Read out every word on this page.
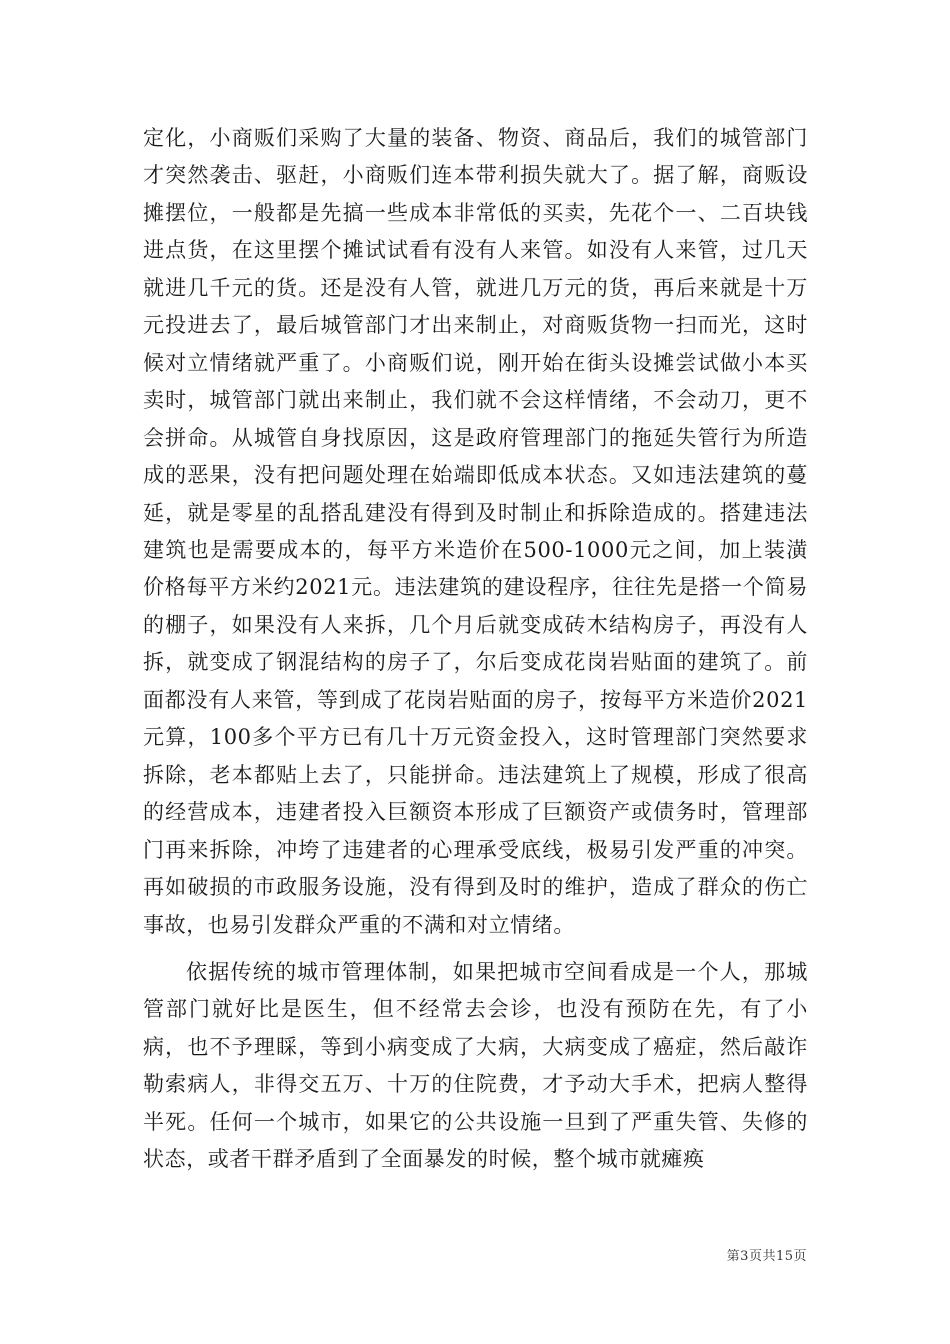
定化，小商贩们采购了大量的装备、物资、商品后，我们的城管部门才突然袭击、驱赶，小商贩们连本带利损失就大了。据了解，商贩设摊摆位，一般都是先搞一些成本非常低的买卖，先花个一、二百块钱进点货，在这里摆个摊试试看有没有人来管。如没有人来管，过几天就进几千元的货。还是没有人管，就进几万元的货，再后来就是十万元投进去了，最后城管部门才出来制止，对商贩货物一扫而光，这时候对立情绪就严重了。小商贩们说，刚开始在街头设摊尝试做小本买卖时，城管部门就出来制止，我们就不会这样情绪，不会动刀，更不会拼命。从城管自身找原因，这是政府管理部门的拖延失管行为所造成的恶果，没有把问题处理在始端即低成本状态。又如违法建筑的蔓延，就是零星的乱搭乱建没有得到及时制止和拆除造成的。搭建违法建筑也是需要成本的，每平方米造价在500-1000元之间，加上装潢价格每平方米约2021元。违法建筑的建设程序，往往先是搭一个简易的棚子，如果没有人来拆，几个月后就变成砖木结构房子，再没有人拆，就变成了钢混结构的房子了，尔后变成花岗岩贴面的建筑了。前面都没有人来管，等到成了花岗岩贴面的房子，按每平方米造价2021元算，100多个平方已有几十万元资金投入，这时管理部门突然要求拆除，老本都贴上去了，只能拼命。违法建筑上了规模，形成了很高的经营成本，违建者投入巨额资本形成了巨额资产或债务时，管理部门再来拆除，冲垮了违建者的心理承受底线，极易引发严重的冲突。再如破损的市政服务设施，没有得到及时的维护，造成了群众的伤亡事故，也易引发群众严重的不满和对立情绪。

依据传统的城市管理体制，如果把城市空间看成是一个人，那城管部门就好比是医生，但不经常去会诊，也没有预防在先，有了小病，也不予理睬，等到小病变成了大病，大病变成了癌症，然后敲诈勒索病人，非得交五万、十万的住院费，才予动大手术，把病人整得半死。任何一个城市，如果它的公共设施一旦到了严重失管、失修的状态，或者干群矛盾到了全面暴发的时候，整个城市就瘫痪

第3页共15页
